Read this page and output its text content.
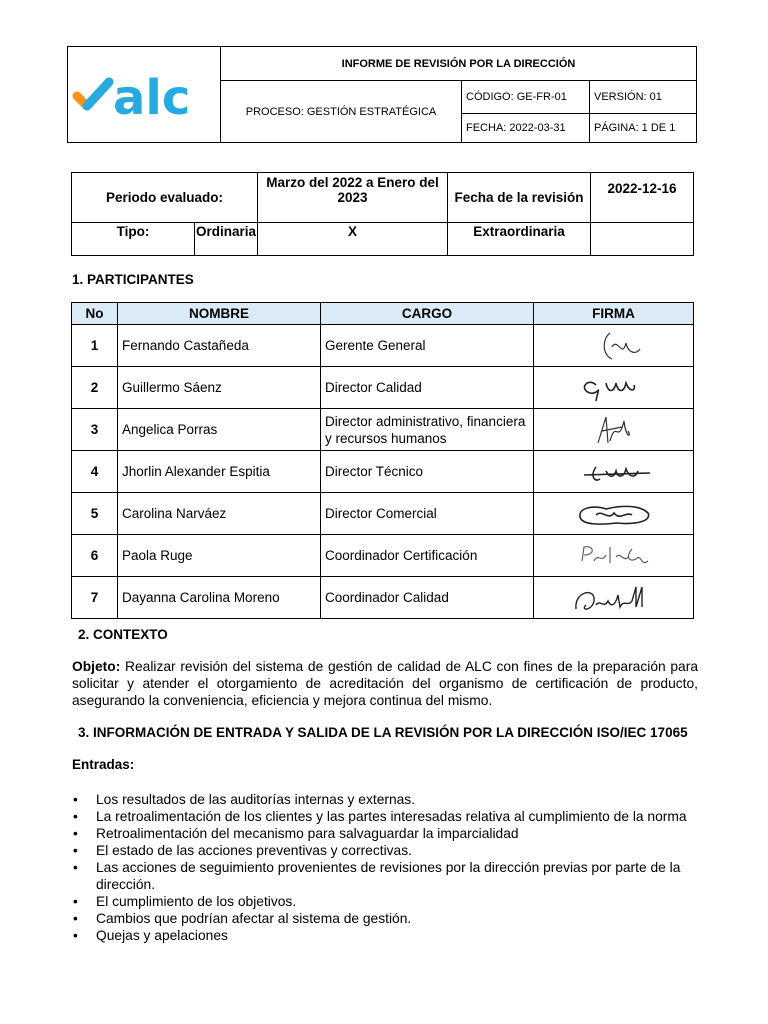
alc	INFORME DE REVISIÓN POR LA DIRECCIÓN		
	PROCESO: GESTIÓN ESTRATÉGICA	CÓDIGO: GE-FR-01	VERSIÓN: 01
		FECHA: 2022-03-31	PÁGINA: 1 DE 1
Periodo evaluado:		Marzo del 2022 a Enero del 2023	Fecha de la revisión	2022-12-16
Tipo:	Ordinaria	X	Extraordinaria	
1. PARTICIPANTES
No	NOMBRE	CARGO	FIRMA
1	Fernando Castañeda	Gerente General	

2	Guillermo Sáenz	Director Calidad	

3	Angelica Porras	Director administrativo, financiera y recursos humanos	

4	Jhorlin Alexander Espitia	Director Técnico	

5	Carolina Narváez	Director Comercial	

6	Paola Ruge	Coordinador Certificación	

7	Dayanna Carolina Moreno	Coordinador Calidad	
2. CONTEXTO
Objeto: Realizar revisión del sistema de gestión de calidad de ALC con fines de la preparación para solicitar y atender el otorgamiento de acreditación del organismo de certificación de producto, asegurando la conveniencia, eficiencia y mejora continua del mismo.
3. INFORMACIÓN DE ENTRADA Y SALIDA DE LA REVISIÓN POR LA DIRECCIÓN ISO/IEC 17065
Entradas:
• Los resultados de las auditorías internas y externas.
• La retroalimentación de los clientes y las partes interesadas relativa al cumplimiento de la norma
• Retroalimentación del mecanismo para salvaguardar la imparcialidad
• El estado de las acciones preventivas y correctivas.
• Las acciones de seguimiento provenientes de revisiones por la dirección previas por parte de la dirección.
• El cumplimiento de los objetivos.
• Cambios que podrían afectar al sistema de gestión.
• Quejas y apelaciones
